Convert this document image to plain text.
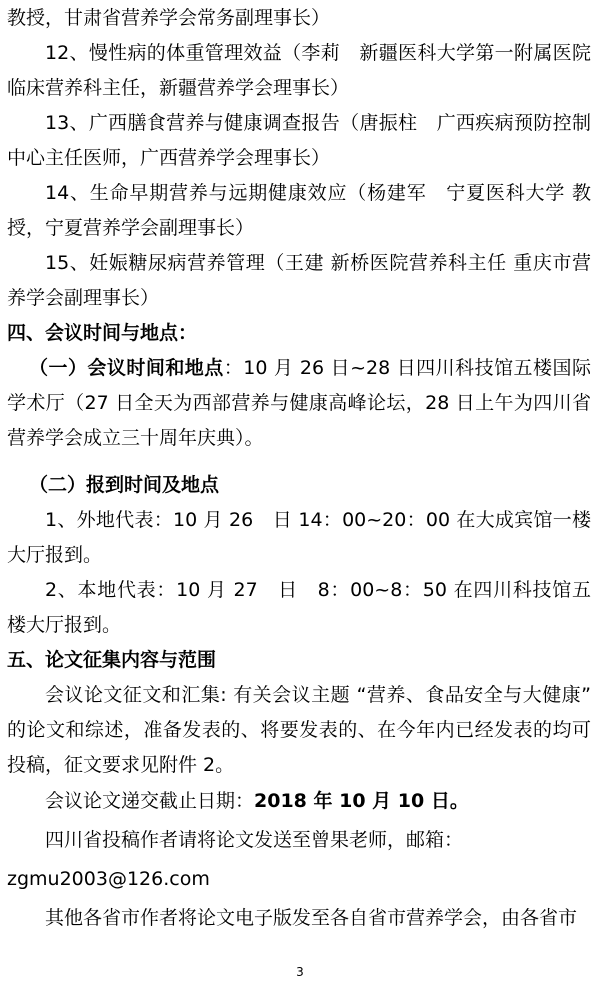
教授，甘肃省营养学会常务副理事长）

12、慢性病的体重管理效益（李莉　新疆医科大学第一附属医院临床营养科主任，新疆营养学会理事长）

13、广西膳食营养与健康调查报告（唐振柱　广西疾病预防控制中心主任医师，广西营养学会理事长）

14、生命早期营养与远期健康效应（杨建军　宁夏医科大学 教授，宁夏营养学会副理事长）

15、妊娠糖尿病营养管理（王建 新桥医院营养科主任 重庆市营养学会副理事长）

四、会议时间与地点：

（一）会议时间和地点：10 月 26 日~28 日四川科技馆五楼国际学术厅（27 日全天为西部营养与健康高峰论坛，28 日上午为四川省营养学会成立三十周年庆典）。

（二）报到时间及地点

1、外地代表：10 月 26　日 14：00~20：00 在大成宾馆一楼大厅报到。

2、本地代表：10 月 27　日　8：00~8：50 在四川科技馆五楼大厅报到。

五、论文征集内容与范围

会议论文征文和汇集: 有关会议主题 “营养、食品安全与大健康” 的论文和综述，准备发表的、将要发表的、在今年内已经发表的均可投稿，征文要求见附件 2。

会议论文递交截止日期：2018 年 10 月 10 日。

四川省投稿作者请将论文发送至曾果老师，邮箱：

zgmu2003@126.com

其他各省市作者将论文电子版发至各自省市营养学会，由各省市

3
